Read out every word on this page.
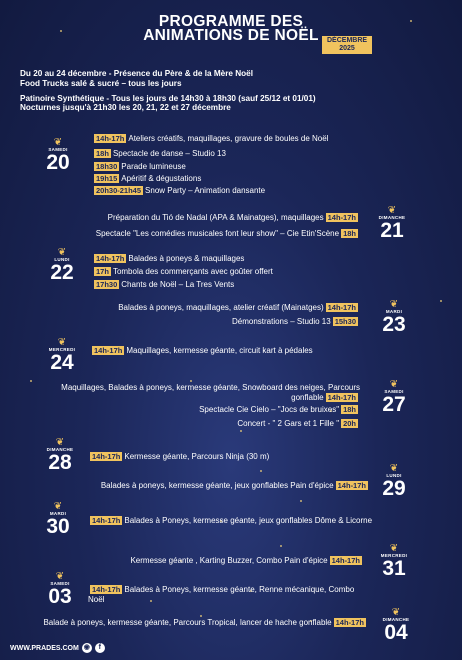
PROGRAMME DES
ANIMATIONS DE NOËL	DÉCEMBRE
2025
Du 20 au 24 décembre - Présence du Père & de la Mère Noël
Food Trucks salé & sucré – tous les jours
Patinoire Synthétique - Tous les jours de 14h30 à 18h30 (sauf 25/12 et 01/01)
Nocturnes jusqu'à 21h30 les 20, 21, 22 et 27 décembre
❦
SAMEDI
20
14h-17h Ateliers créatifs, maquillages, gravure de boules de Noël
18h Spectacle de danse – Studio 13
18h30 Parade lumineuse
19h15 Apéritif & dégustations
20h30-21h45 Snow Party – Animation dansante
❦
DIMANCHE
21
Préparation du Tió de Nadal (APA & Mainatges), maquillages 14h-17h
Spectacle "Les comédies musicales font leur show" – Cie Etin'Scène 18h
❦
LUNDI
22
14h-17h Balades à poneys & maquillages
17h Tombola des commerçants avec goûter offert
17h30 Chants de Noël – La Tres Vents
❦
MARDI
23
Balades à poneys, maquillages, atelier créatif (Mainatges) 14h-17h
Démonstrations – Studio 13 15h30
❦
MERCREDI
24
14h-17h Maquillages, kermesse géante, circuit kart à pédales
❦
SAMEDI
27
Maquillages, Balades à poneys, kermesse géante, Snowboard des neiges, Parcours gonflable 14h-17h
Spectacle Cie Cielo – "Jocs de bruixes" 18h
Concert - " 2 Gars et 1 Fille " 20h
❦
DIMANCHE
28	14h-17h Kermesse géante, Parcours Ninja (30 m)
❦
LUNDI
29
Balades à poneys, kermesse géante, jeux gonflables Pain d'épice 14h-17h
❦
MARDI
30	14h-17h Balades à Poneys, kermesse géante, jeux gonflables Dôme & Licorne
❦
MERCREDI
31
Kermesse géante , Karting Buzzer, Combo Pain d'épice 14h-17h
❦
SAMEDI
03	14h-17h Balades à Poneys, kermesse géante, Renne mécanique, Combo Noël
❦
DIMANCHE
04
Balade à poneys, kermesse géante, Parcours Tropical, lancer de hache gonflable 14h-17h
WWW.PRADES.COM ◉	f
